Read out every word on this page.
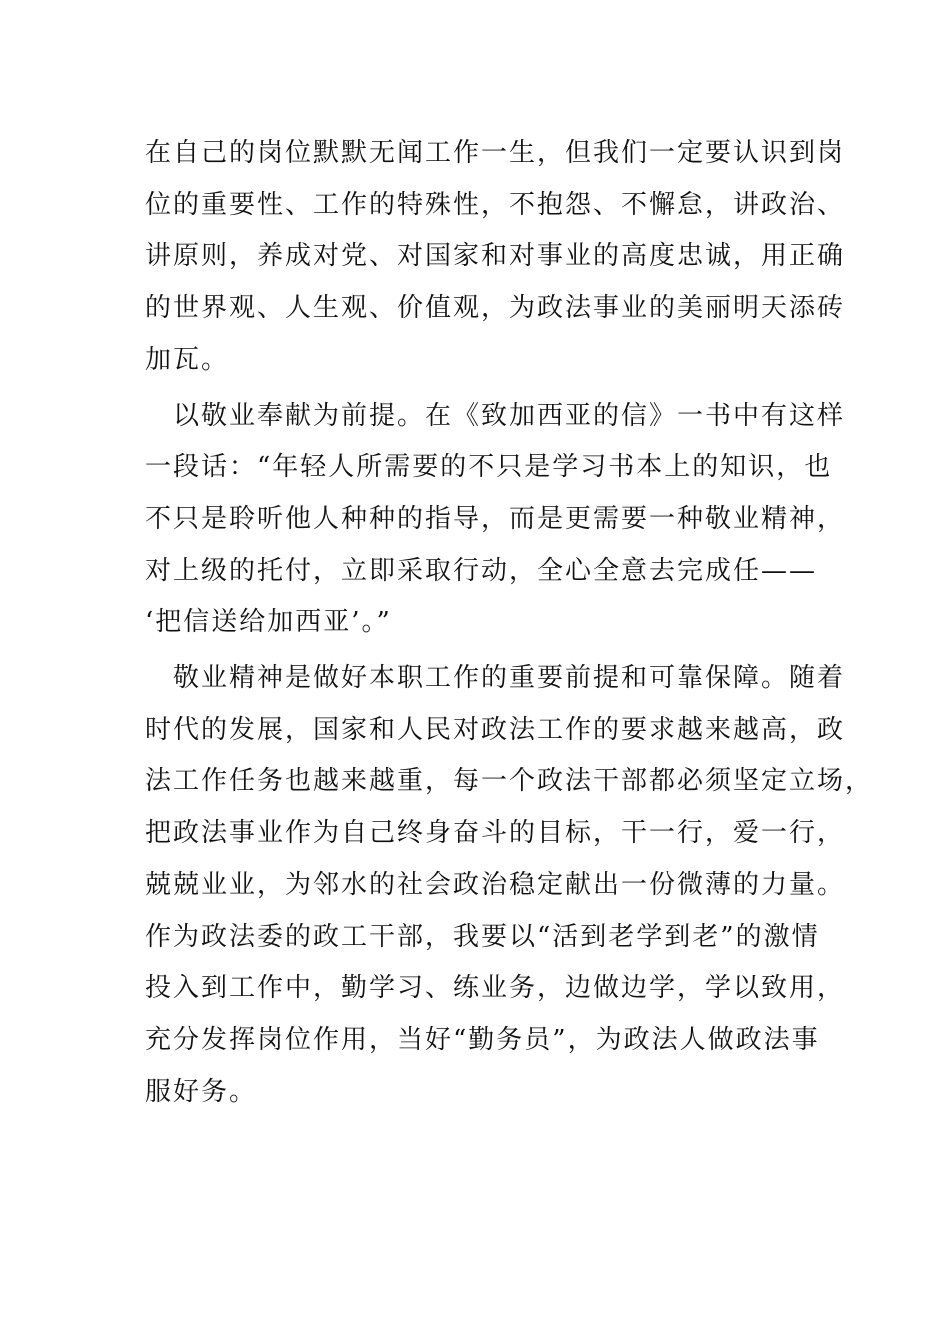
在自己的岗位默默无闻工作一生，但我们一定要认识到岗

位的重要性、工作的特殊性，不抱怨、不懈怠，讲政治、

讲原则，养成对党、对国家和对事业的高度忠诚，用正确

的世界观、人生观、价值观，为政法事业的美丽明天添砖

加瓦。

　以敬业奉献为前提。在《致加西亚的信》一书中有这样

一段话：“年轻人所需要的不只是学习书本上的知识，也

不只是聆听他人种种的指导，而是更需要一种敬业精神，

对上级的托付，立即采取行动，全心全意去完成任——

‘把信送给加西亚’。”

　敬业精神是做好本职工作的重要前提和可靠保障。随着

时代的发展，国家和人民对政法工作的要求越来越高，政

法工作任务也越来越重，每一个政法干部都必须坚定立场，

把政法事业作为自己终身奋斗的目标，干一行，爱一行，

兢兢业业，为邻水的社会政治稳定献出一份微薄的力量。

作为政法委的政工干部，我要以“活到老学到老”的激情

投入到工作中，勤学习、练业务，边做边学，学以致用，

充分发挥岗位作用，当好“勤务员”，为政法人做政法事

服好务。
